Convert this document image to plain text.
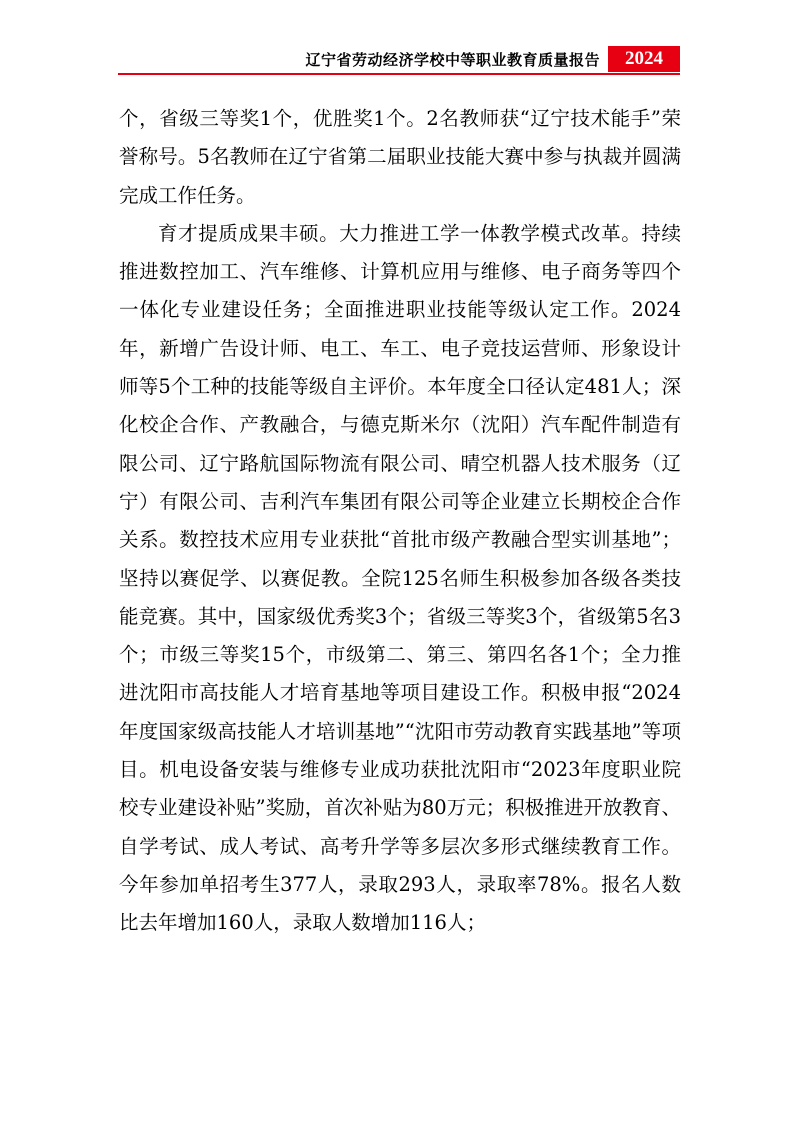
辽宁省劳动经济学校中等职业教育质量报告	2024

个，省级三等奖1个，优胜奖1个。2名教师获“辽宁技术能手”荣誉称号。5名教师在辽宁省第二届职业技能大赛中参与执裁并圆满完成工作任务。

育才提质成果丰硕。大力推进工学一体教学模式改革。持续推进数控加工、汽车维修、计算机应用与维修、电子商务等四个一体化专业建设任务；全面推进职业技能等级认定工作。2024年，新增广告设计师、电工、车工、电子竞技运营师、形象设计师等5个工种的技能等级自主评价。本年度全口径认定481人；深化校企合作、产教融合，与德克斯米尔（沈阳）汽车配件制造有限公司、辽宁路航国际物流有限公司、晴空机器人技术服务（辽宁）有限公司、吉利汽车集团有限公司等企业建立长期校企合作关系。数控技术应用专业获批“首批市级产教融合型实训基地”；坚持以赛促学、以赛促教。全院125名师生积极参加各级各类技能竞赛。其中，国家级优秀奖3个；省级三等奖3个，省级第5名3个；市级三等奖15个，市级第二、第三、第四名各1个；全力推进沈阳市高技能人才培育基地等项目建设工作。积极申报“2024年度国家级高技能人才培训基地”“沈阳市劳动教育实践基地”等项目。机电设备安装与维修专业成功获批沈阳市“2023年度职业院校专业建设补贴”奖励，首次补贴为80万元；积极推进开放教育、自学考试、成人考试、高考升学等多层次多形式继续教育工作。今年参加单招考生377人，录取293人，录取率78%。报名人数比去年增加160人，录取人数增加116人；
